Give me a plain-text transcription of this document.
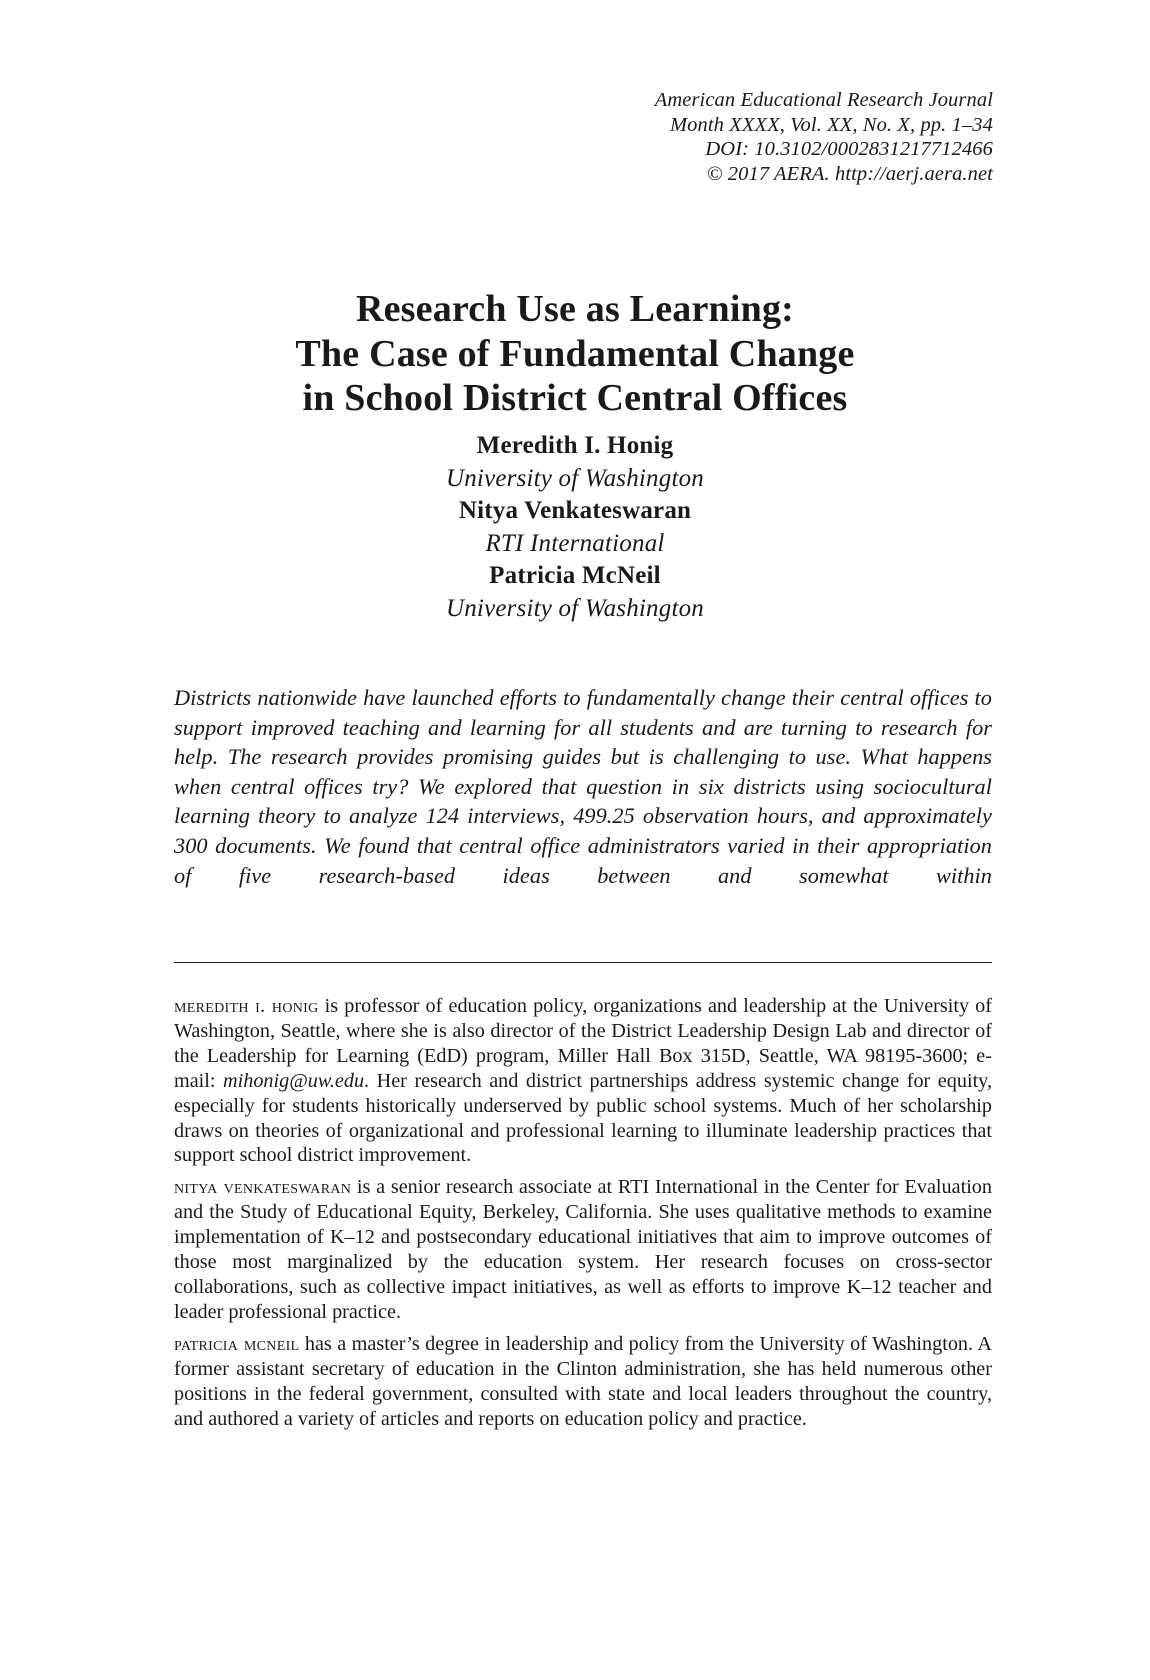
American Educational Research Journal
Month XXXX, Vol. XX, No. X, pp. 1–34
DOI: 10.3102/0002831217712466
© 2017 AERA. http://aerj.aera.net
Research Use as Learning:
The Case of Fundamental Change
in School District Central Offices
Meredith I. Honig
University of Washington
Nitya Venkateswaran
RTI International
Patricia McNeil
University of Washington

Districts nationwide have launched efforts to fundamentally change their central offices to support improved teaching and learning for all students and are turning to research for help. The research provides promising guides but is challenging to use. What happens when central offices try? We explored that question in six districts using sociocultural learning theory to analyze 124 interviews, 499.25 observation hours, and approximately 300 documents. We found that central office administrators varied in their appropriation of five research-based ideas between and somewhat within

meredith i. honig is professor of education policy, organizations and leadership at the University of Washington, Seattle, where she is also director of the District Leadership Design Lab and director of the Leadership for Learning (EdD) program, Miller Hall Box 315D, Seattle, WA 98195-3600; e-mail: mihonig@uw.edu. Her research and district partnerships address systemic change for equity, especially for students historically underserved by public school systems. Much of her scholarship draws on theories of organizational and professional learning to illuminate leadership practices that support school district improvement.

nitya venkateswaran is a senior research associate at RTI International in the Center for Evaluation and the Study of Educational Equity, Berkeley, California. She uses qualitative methods to examine implementation of K–12 and postsecondary educational initiatives that aim to improve outcomes of those most marginalized by the education system. Her research focuses on cross-sector collaborations, such as collective impact initiatives, as well as efforts to improve K–12 teacher and leader professional practice.

patricia mcneil has a master’s degree in leadership and policy from the University of Washington. A former assistant secretary of education in the Clinton administration, she has held numerous other positions in the federal government, consulted with state and local leaders throughout the country, and authored a variety of articles and reports on education policy and practice.
